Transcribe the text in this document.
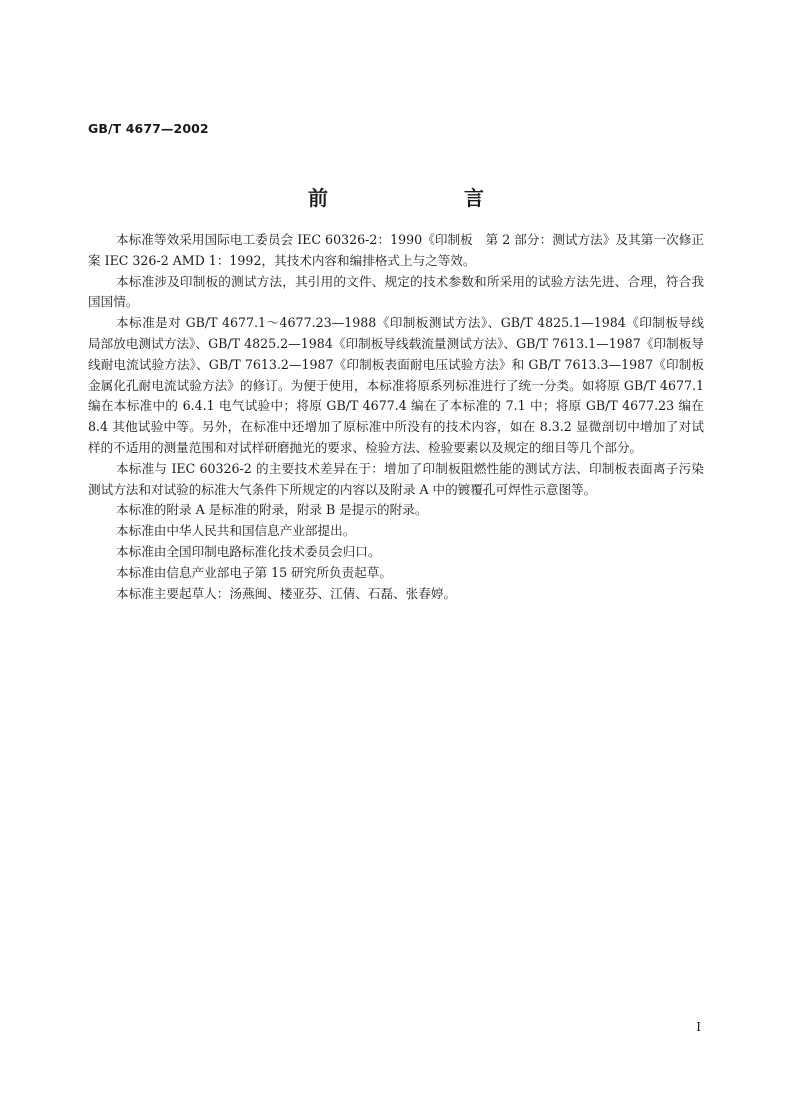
GB/T 4677—2002
前　言

本标准等效采用国际电工委员会 IEC 60326-2：1990《印制板　第 2 部分：测试方法》及其第一次修正案 IEC 326-2 AMD 1：1992，其技术内容和编排格式上与之等效。

本标准涉及印制板的测试方法，其引用的文件、规定的技术参数和所采用的试验方法先进、合理，符合我国国情。

本标准是对 GB/T 4677.1～4677.23—1988《印制板测试方法》、GB/T 4825.1—1984《印制板导线局部放电测试方法》、GB/T 4825.2—1984《印制板导线载流量测试方法》、GB/T 7613.1—1987《印制板导线耐电流试验方法》、GB/T 7613.2—1987《印制板表面耐电压试验方法》和 GB/T 7613.3—1987《印制板金属化孔耐电流试验方法》的修订。为便于使用，本标准将原系列标准进行了统一分类。如将原 GB/T 4677.1 编在本标准中的 6.4.1 电气试验中；将原 GB/T 4677.4 编在了本标准的 7.1 中；将原 GB/T 4677.23 编在 8.4 其他试验中等。另外，在标准中还增加了原标准中所没有的技术内容，如在 8.3.2 显微剖切中增加了对试样的不适用的测量范围和对试样研磨抛光的要求、检验方法、检验要素以及规定的细目等几个部分。

本标准与 IEC 60326-2 的主要技术差异在于：增加了印制板阻燃性能的测试方法、印制板表面离子污染测试方法和对试验的标准大气条件下所规定的内容以及附录 A 中的镀覆孔可焊性示意图等。

本标准的附录 A 是标准的附录，附录 B 是提示的附录。

本标准由中华人民共和国信息产业部提出。

本标准由全国印制电路标准化技术委员会归口。

本标准由信息产业部电子第 15 研究所负责起草。

本标准主要起草人：汤燕闽、楼亚芬、江倩、石磊、张春婷。

I
